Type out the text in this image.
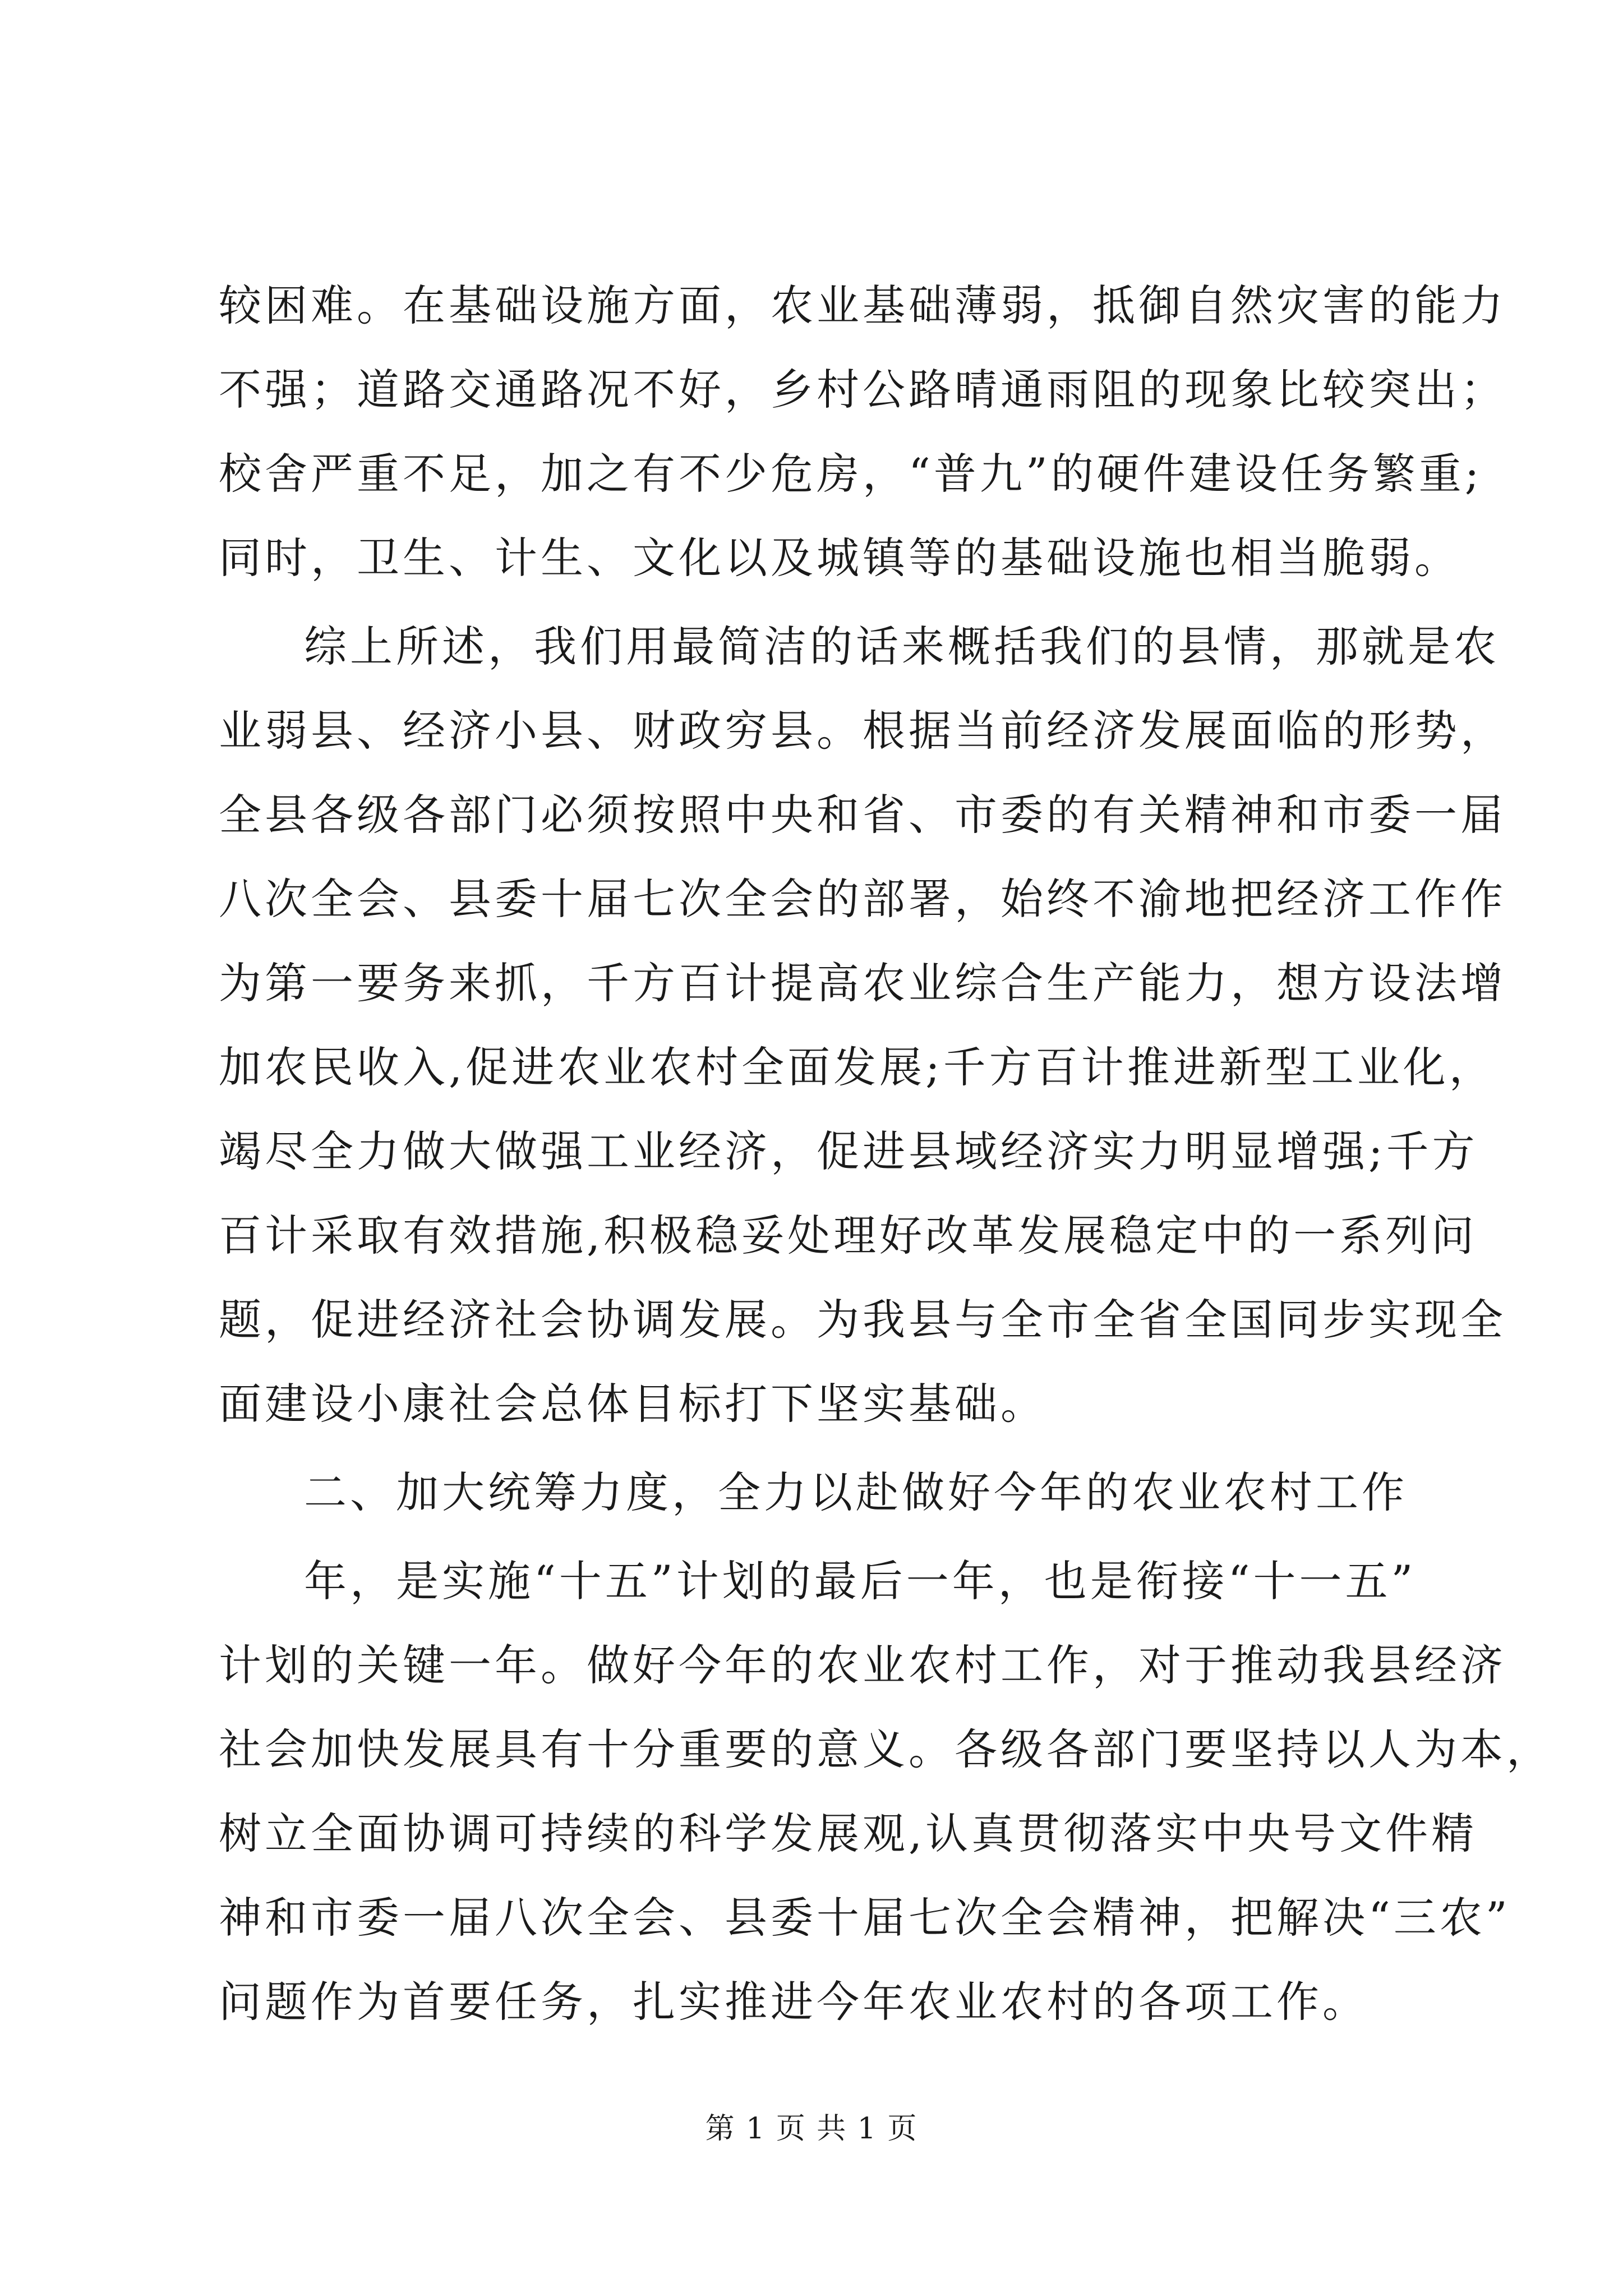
较困难。在基础设施方面，农业基础薄弱，抵御自然灾害的能力
不强；道路交通路况不好，乡村公路晴通雨阻的现象比较突出；
校舍严重不足，加之有不少危房，“普九”的硬件建设任务繁重;
同时，卫生、计生、文化以及城镇等的基础设施也相当脆弱。
综上所述，我们用最简洁的话来概括我们的县情，那就是农
业弱县、经济小县、财政穷县。根据当前经济发展面临的形势，
全县各级各部门必须按照中央和省、市委的有关精神和市委一届
八次全会、县委十届七次全会的部署，始终不渝地把经济工作作
为第一要务来抓，千方百计提高农业综合生产能力，想方设法增
加农民收入,促进农业农村全面发展;千方百计推进新型工业化，
竭尽全力做大做强工业经济，促进县域经济实力明显增强;千方
百计采取有效措施,积极稳妥处理好改革发展稳定中的一系列问
题，促进经济社会协调发展。为我县与全市全省全国同步实现全
面建设小康社会总体目标打下坚实基础。
二、加大统筹力度，全力以赴做好今年的农业农村工作
年，是实施“十五”计划的最后一年，也是衔接“十一五”
计划的关键一年。做好今年的农业农村工作，对于推动我县经济
社会加快发展具有十分重要的意义。各级各部门要坚持以人为本，
树立全面协调可持续的科学发展观,认真贯彻落实中央号文件精
神和市委一届八次全会、县委十届七次全会精神，把解决“三农”
问题作为首要任务，扎实推进今年农业农村的各项工作。
第 1 页 共 1 页
